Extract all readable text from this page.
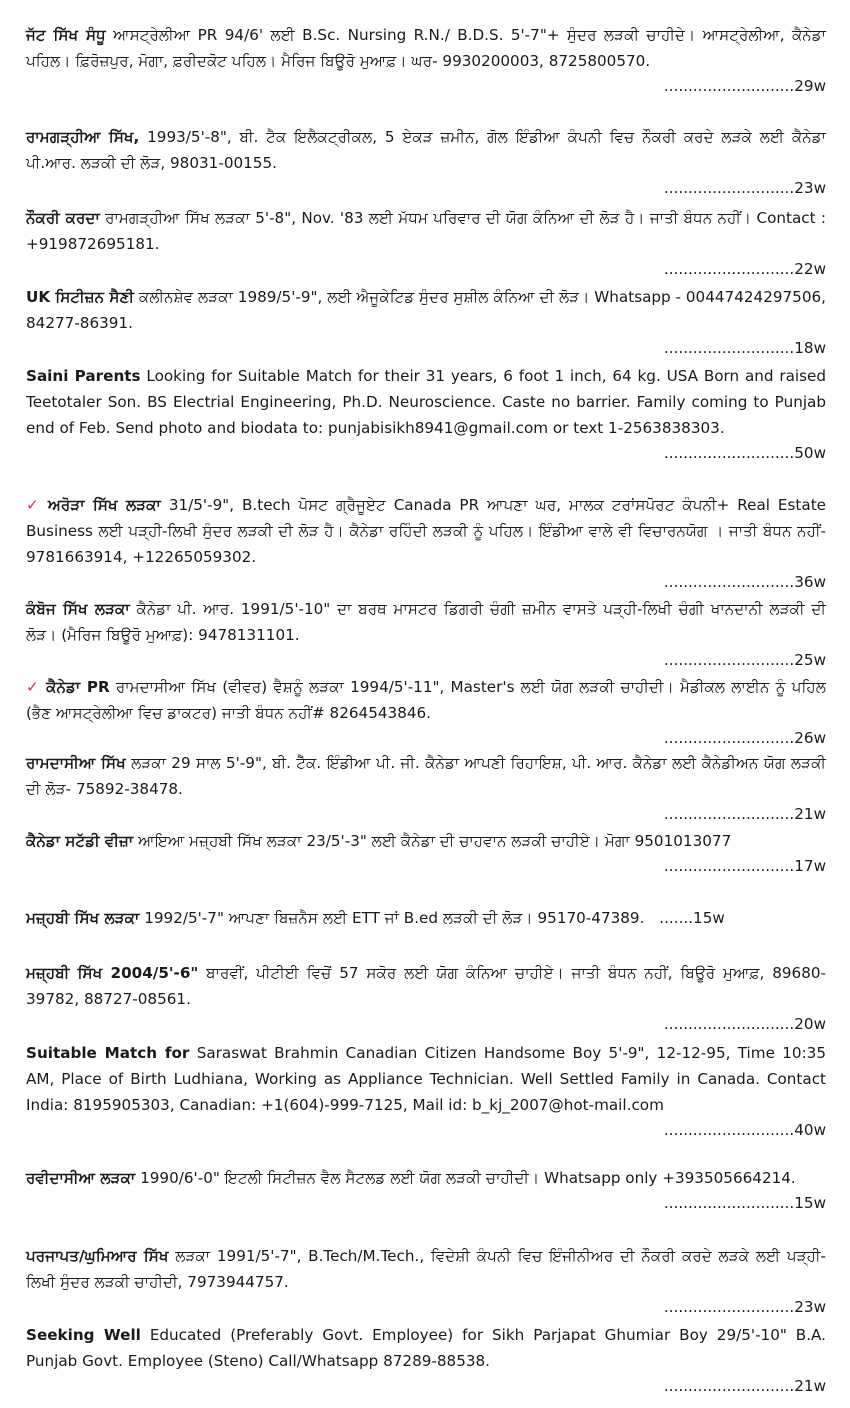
ਜੱਟ ਸਿੱਖ ਸੰਧੂ ਆਸਟ੍ਰੇਲੀਆ PR 94/6' ਲਈ B.Sc. Nursing R.N./ B.D.S. 5'-7"+ ਸੁੰਦਰ ਲੜਕੀ ਚਾਹੀਦੇ। ਆਸਟ੍ਰੇਲੀਆ, ਕੈਨੇਡਾ ਪਹਿਲ। ਫ਼ਿਰੋਜ਼ਪੁਰ, ਮੋਗਾ, ਫ਼ਰੀਦਕੋਟ ਪਹਿਲ। ਮੈਰਿਜ ਬਿਊਰੋ ਮੁਆਫ਼। ਘਰ- 9930200003, 8725800570.
...........................29w
ਰਾਮਗੜ੍ਹੀਆ ਸਿੱਖ, 1993/5'-8", ਬੀ. ਟੈਕ ਇਲੈਕਟ੍ਰੀਕਲ, 5 ਏਕੜ ਜ਼ਮੀਨ, ਗੋਲ ਇੰਡੀਆ ਕੰਪਨੀ ਵਿਚ ਨੌਕਰੀ ਕਰਦੇ ਲੜਕੇ ਲਈ ਕੈਨੇਡਾ ਪੀ.ਆਰ. ਲੜਕੀ ਦੀ ਲੋੜ, 98031-00155.
...........................23w
ਨੌਕਰੀ ਕਰਦਾ ਰਾਮਗੜ੍ਹੀਆ ਸਿੱਖ ਲੜਕਾ 5'-8", Nov. '83 ਲਈ ਮੱਧਮ ਪਰਿਵਾਰ ਦੀ ਯੋਗ ਕੰਨਿਆ ਦੀ ਲੋੜ ਹੈ। ਜਾਤੀ ਬੰਧਨ ਨਹੀਂ। Contact : +919872695181.
...........................22w
UK ਸਿਟੀਜ਼ਨ ਸੈਣੀ ਕਲੀਨਸ਼ੇਵ ਲੜਕਾ 1989/5'-9", ਲਈ ਐਜੂਕੇਟਿਡ ਸੁੰਦਰ ਸੁਸ਼ੀਲ ਕੰਨਿਆ ਦੀ ਲੋੜ। Whatsapp - 00447424297506, 84277-86391.
...........................18w
Saini Parents Looking for Suitable Match for their 31 years, 6 foot 1 inch, 64 kg. USA Born and raised Teetotaler Son. BS Electrial Engineering, Ph.D. Neuroscience. Caste no barrier. Family coming to Punjab end of Feb. Send photo and biodata to: punjabisikh8941@gmail.com or text 1-2563838303.
...........................50w
✓ ਅਰੋੜਾ ਸਿੱਖ ਲੜਕਾ 31/5'-9", B.tech ਪੋਸਟ ਗ੍ਰੈਜੂਏਟ Canada PR ਆਪਣਾ ਘਰ, ਮਾਲਕ ਟਰਾਂਸਪੋਰਟ ਕੰਪਨੀ+ Real Estate Business ਲਈ ਪੜ੍ਹੀ-ਲਿਖੀ ਸੁੰਦਰ ਲੜਕੀ ਦੀ ਲੋੜ ਹੈ। ਕੈਨੇਡਾ ਰਹਿੰਦੀ ਲੜਕੀ ਨੂੰ ਪਹਿਲ। ਇੰਡੀਆ ਵਾਲੇ ਵੀ ਵਿਚਾਰਨਯੋਗ । ਜਾਤੀ ਬੰਧਨ ਨਹੀਂ- 9781663914, +12265059302.
...........................36w
ਕੰਬੋਜ ਸਿੱਖ ਲੜਕਾ ਕੈਨੇਡਾ ਪੀ. ਆਰ. 1991/5'-10" ਦਾ ਬਰਥ ਮਾਸਟਰ ਡਿਗਰੀ ਚੰਗੀ ਜ਼ਮੀਨ ਵਾਸਤੇ ਪੜ੍ਹੀ-ਲਿਖੀ ਚੰਗੀ ਖਾਨਦਾਨੀ ਲੜਕੀ ਦੀ ਲੋੜ। (ਮੈਰਿਜ ਬਿਊਰੋ ਮੁਆਫ਼): 9478131101.
...........................25w
✓ ਕੈਨੇਡਾ PR ਰਾਮਦਾਸੀਆ ਸਿੱਖ (ਵੀਵਰ) ਵੈਸ਼ਨੂੰ ਲੜਕਾ 1994/5'-11", Master's ਲਈ ਯੋਗ ਲੜਕੀ ਚਾਹੀਦੀ। ਮੈਡੀਕਲ ਲਾਈਨ ਨੂੰ ਪਹਿਲ (ਭੈਣ ਆਸਟ੍ਰੇਲੀਆ ਵਿਚ ਡਾਕਟਰ) ਜਾਤੀ ਬੰਧਨ ਨਹੀਂ# 8264543846.
...........................26w
ਰਾਮਦਾਸੀਆ ਸਿੱਖ ਲੜਕਾ 29 ਸਾਲ 5'-9", ਬੀ. ਟੈੱਕ. ਇੰਡੀਆ ਪੀ. ਜੀ. ਕੈਨੇਡਾ ਆਪਣੀ ਰਿਹਾਇਸ਼, ਪੀ. ਆਰ. ਕੈਨੇਡਾ ਲਈ ਕੈਨੇਡੀਅਨ ਯੋਗ ਲੜਕੀ ਦੀ ਲੋੜ- 75892-38478.
...........................21w
ਕੈਨੇਡਾ ਸਟੱਡੀ ਵੀਜ਼ਾ ਆਇਆ ਮਜ਼੍ਹਬੀ ਸਿੱਖ ਲੜਕਾ 23/5'-3" ਲਈ ਕੈਨੇਡਾ ਦੀ ਚਾਹਵਾਨ ਲੜਕੀ ਚਾਹੀਏ। ਮੋਗਾ 9501013077
...........................17w
ਮਜ਼੍ਹਬੀ ਸਿੱਖ ਲੜਕਾ 1992/5'-7" ਆਪਣਾ ਬਿਜ਼ਨੈਸ ਲਈ ETT ਜਾਂ B.ed ਲੜਕੀ ਦੀ ਲੋੜ। 95170-47389. .......15w
ਮਜ਼੍ਹਬੀ ਸਿੱਖ 2004/5'-6" ਬਾਰਵੀਂ, ਪੀਟੀਈ ਵਿਚੋਂ 57 ਸਕੋਰ ਲਈ ਯੋਗ ਕੰਨਿਆ ਚਾਹੀਏ। ਜਾਤੀ ਬੰਧਨ ਨਹੀਂ, ਬਿਊਰੋ ਮੁਆਫ਼, 89680-39782, 88727-08561.
...........................20w
Suitable Match for Saraswat Brahmin Canadian Citizen Handsome Boy 5'-9", 12-12-95, Time 10:35 AM, Place of Birth Ludhiana, Working as Appliance Technician. Well Settled Family in Canada. Contact India: 8195905303, Canadian: +1(604)-999-7125, Mail id: b_kj_2007@hot-mail.com
...........................40w
ਰਵੀਦਾਸੀਆ ਲੜਕਾ 1990/6'-0" ਇਟਲੀ ਸਿਟੀਜ਼ਨ ਵੈਲ ਸੈਟਲਡ ਲਈ ਯੋਗ ਲੜਕੀ ਚਾਹੀਦੀ। Whatsapp only +393505664214.
...........................15w
ਪਰਜਾਪਤ/ਘੁਮਿਆਰ ਸਿੱਖ ਲੜਕਾ 1991/5'-7", B.Tech/M.Tech., ਵਿਦੇਸ਼ੀ ਕੰਪਨੀ ਵਿਚ ਇੰਜੀਨੀਅਰ ਦੀ ਨੌਕਰੀ ਕਰਦੇ ਲੜਕੇ ਲਈ ਪੜ੍ਹੀ-ਲਿਖੀ ਸੁੰਦਰ ਲੜਕੀ ਚਾਹੀਦੀ, 7973944757.
...........................23w
Seeking Well Educated (Preferably Govt. Employee) for Sikh Parjapat Ghumiar Boy 29/5'-10" B.A. Punjab Govt. Employee (Steno) Call/Whatsapp 87289-88538.
...........................21w
